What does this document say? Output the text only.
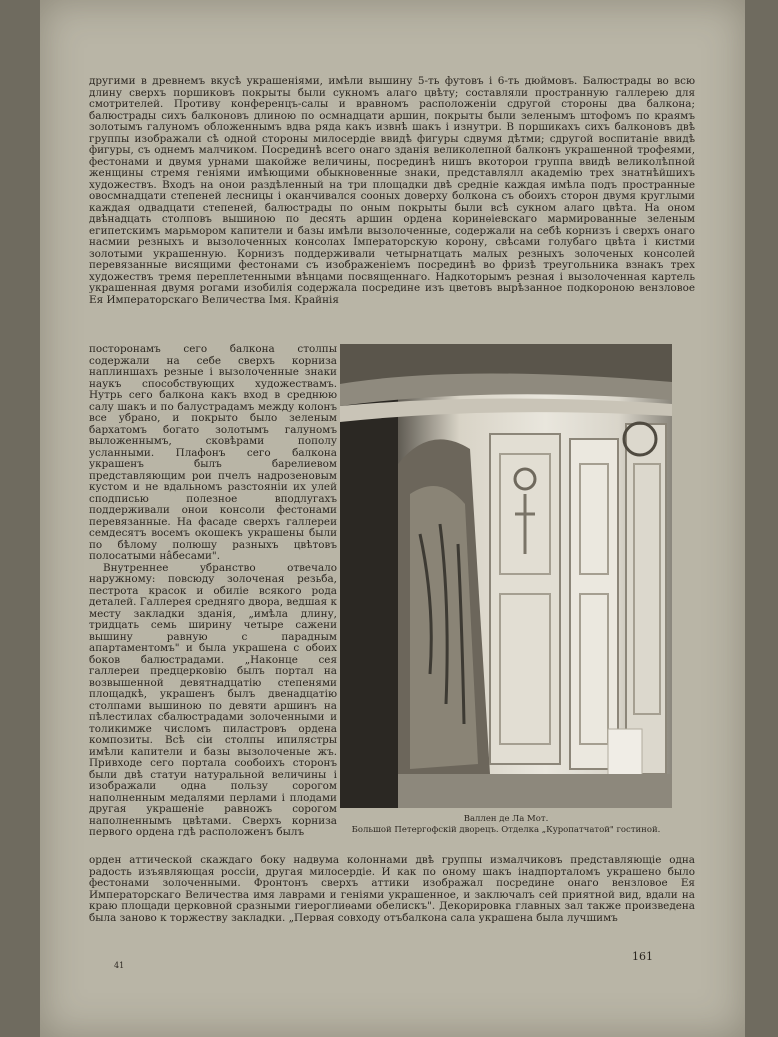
другими в древнемъ вкусѣ украшеніями, имѣли вышину 5-ть футовъ і 6-ть дюймовъ. Балюстрады во всю длину сверхъ поршиковъ покрыты были сукномъ алаго цвѣту; составляли пространную галлерею для смотрителей. Противу конференцъ-салы и вравномъ расположеніи сдругой стороны два балкона; балюстрады сихъ балконовъ длиною по осмнадцати аршин, покрыты были зеленымъ штофомъ по краямъ золотымъ галуномъ обложеннымъ вдва ряда какъ извнѣ шакъ і изнутри. В поршикахъ сихъ балконовъ двѣ группы изображали сѣ одной стороны милосердіе ввидѣ фигуры сдвумя дѣтми; сдругой воспитаніе ввидѣ фигуры, съ однемъ малчиком. Посрединѣ всего онаго зданія великолепной балконъ украшенной трофеями, фестонами и двумя урнами шакойже величины, посрединѣ нишъ вкоторои группа ввидѣ великолѣпной женщины стремя геніями имѣющими обыкновенные знаки, представлялл академію трех знатнѣйшихъ художествъ. Входъ на онои раздѣленный на три площадки двѣ средніе каждая имѣла подъ пространные овосмнадцати степеней лесницы і оканчивался сооных доверху болкона съ обоихъ сторон двумя круглыми каждая одвадцати степеней, балюстрады по оным покрыты были всѣ сукном алаго цвѣта. На оном двѣнадцать столповъ вышиною по десять аршин ордена коринѳіевскаго мармированные зеленым египетскимъ марьмором капители и базы имѣли вызолоченные, содержали на себѣ корнизъ і сверхъ онаго насмии резныхъ и вызолоченных консолах Імператорскую корону, свѣсами голубаго цвѣта і кистми золотыми украшенную. Корнизъ поддерживали четырнатцать малых резныхъ золоченых консолей перевязанные висящими фестонами съ изображеніемъ посрединѣ во фризѣ треугольника взнакъ трех художествъ тремя переплетенными вѣнцами посвященнаго. Надкоторымъ резная і вызолоченная картель украшенная двумя рогами изобилія содержала посредине изъ цветовъ вырѣзанное подкороною вензловое Ея Императорскаго Величества Імя. Крайнія

посторонамъ сего балкона столпы содержали на себе сверхъ корниза наплиншахъ резные і вызолоченные знаки наукъ способствующих художествамъ. Нутрь сего балкона какъ вход в среднюю салу шакъ и по балустрадамъ между колонъ все убрано, и покрыто было зеленым бархатомъ богато золотымъ галуномъ выложеннымъ, сковѣрами пополу усланными. Плафонъ сего балкона украшенъ былъ барелиевом представляющим рои пчелъ надрозеновым кустом и не вдальномъ разстояніи их улей сподписью полезное вподлугахъ поддерживали онои консоли фестонами перевязанные. На фасаде сверхъ галлереи семдесятъ восемъ окошекъ украшены были по бѣлому полюшу разныхъ цвѣтовъ полосатыми на̂бесами".

Внутреннее убранство отвечало наружному: повсюду золоченая резьба, пестрота красок и обиліе всякого рода деталей. Галлерея средняго двора, ведшая к месту закладки зданія, „имѣла длину, тридцать семь ширину четыре сажени вышину равную с парадным апартаментомъ" и была украшена с обоих боков балюстрадами. „Наконце сея галлереи предцерковію былъ портал на возвышенной девятнадцатію степенями площадкѣ, украшенъ былъ двенадцатію столпами вышиною по девяти аршинъ на пѣлестилах сбалюстрадами золоченными и толикимже числомъ пиластровъ ордена композиты. Всѣ сіи столпы ипилястры имѣли капители и базы вызолоченые жъ. Привходе сего портала сообоихъ сторонъ были двѣ статуи натуральной величины і изображали одна пользу сорогом наполненным медалями перлами і плодами другая украшеніе равножъ сорогом наполненнымъ цвѣтами. Сверхъ корниза первого ордена гдѣ расположенъ былъ

Валлен де Ла Мот.
Большой Петергофскій дворецъ. Отделка „Куропатчатой" гостиной.

орден аттической скаждаго боку надвума колоннами двѣ группы измалчиковъ представляющіе одна радость изъявляющая россіи, другая милосердіе. И как по оному шакъ інадпорталомъ украшено было фестонами золоченными. Фронтонъ сверхъ аттики изображал посредине онаго вензловое Ея Императорскаго Величества имя лаврами и геніями украшенное, и заключалъ сей приятной вид, вдали на краю площади церковной сразными гиероглиѳами обелискъ". Декорировка главных зал также произведена была заново к торжеству закладки. „Первая совходу отъбалкона сала украшена была лучшимъ

161
41
